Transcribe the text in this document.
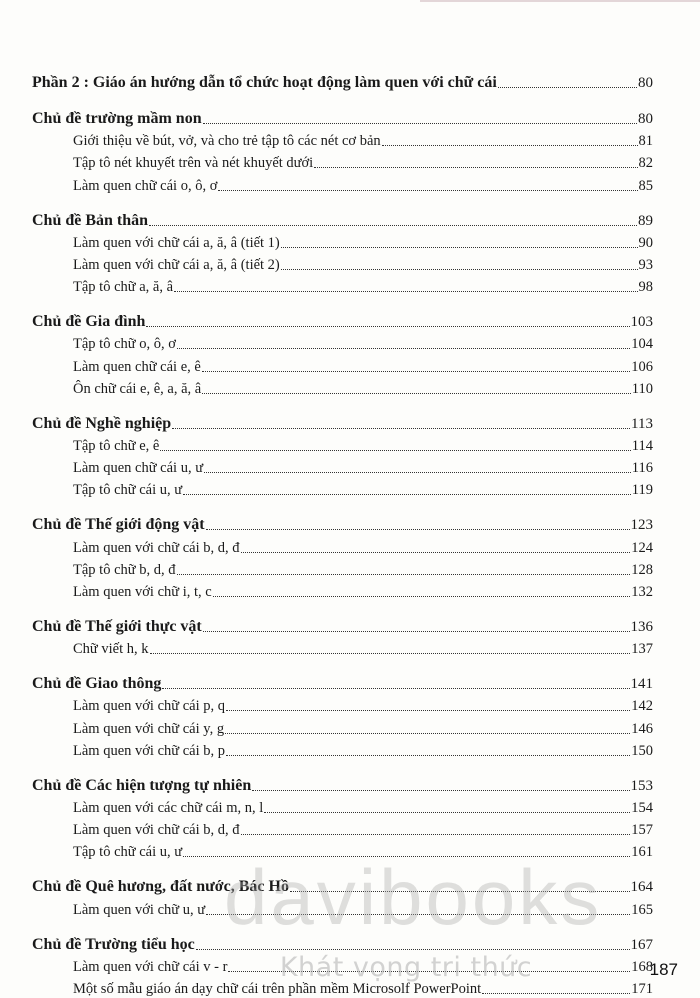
Phần 2 : Giáo án hướng dẫn tổ chức hoạt động làm quen với chữ cái	80
Chủ đề trường mầm non	80
Giới thiệu về bút, vở, và cho trẻ tập tô các nét cơ bản	81
Tập tô nét khuyết trên và nét khuyết dưới	82
Làm quen chữ cái o, ô, ơ	85
Chủ đề Bản thân	89
Làm quen với chữ cái a, ă, â (tiết 1)	90
Làm quen với chữ cái a, ă, â (tiết 2)	93
Tập tô chữ a, ă, â	98
Chủ đề Gia đình	103
Tập tô chữ o, ô, ơ	104
Làm quen chữ cái e, ê	106
Ôn chữ cái e, ê, a, ă, â	110
Chủ đề Nghề nghiệp	113
Tập tô chữ e, ê	114
Làm quen chữ cái u, ư	116
Tập tô chữ cái u, ư	119
Chủ đề Thế giới động vật	123
Làm quen với chữ cái b, d, đ	124
Tập tô chữ b, d, đ	128
Làm quen với chữ i, t, c	132
Chủ đề Thế giới thực vật	136
Chữ viết h, k	137
Chủ đề Giao thông	141
Làm quen với chữ cái p, q	142
Làm quen với chữ cái y, g	146
Làm quen với chữ cái b, p	150
Chủ đề Các hiện tượng tự nhiên	153
Làm quen với các chữ cái m, n, l	154
Làm quen với chữ cái b, d, đ	157
Tập tô chữ cái u, ư	161
Chủ đề Quê hương, đất nước, Bác Hồ	164
Làm quen với chữ u, ư	165
Chủ đề Trường tiểu học	167
Làm quen với chữ cái v - r	168
Một số mẫu giáo án dạy chữ cái trên phần mềm Microsolf PowerPoint	171
davibooks
Khát vọng tri thức	187
